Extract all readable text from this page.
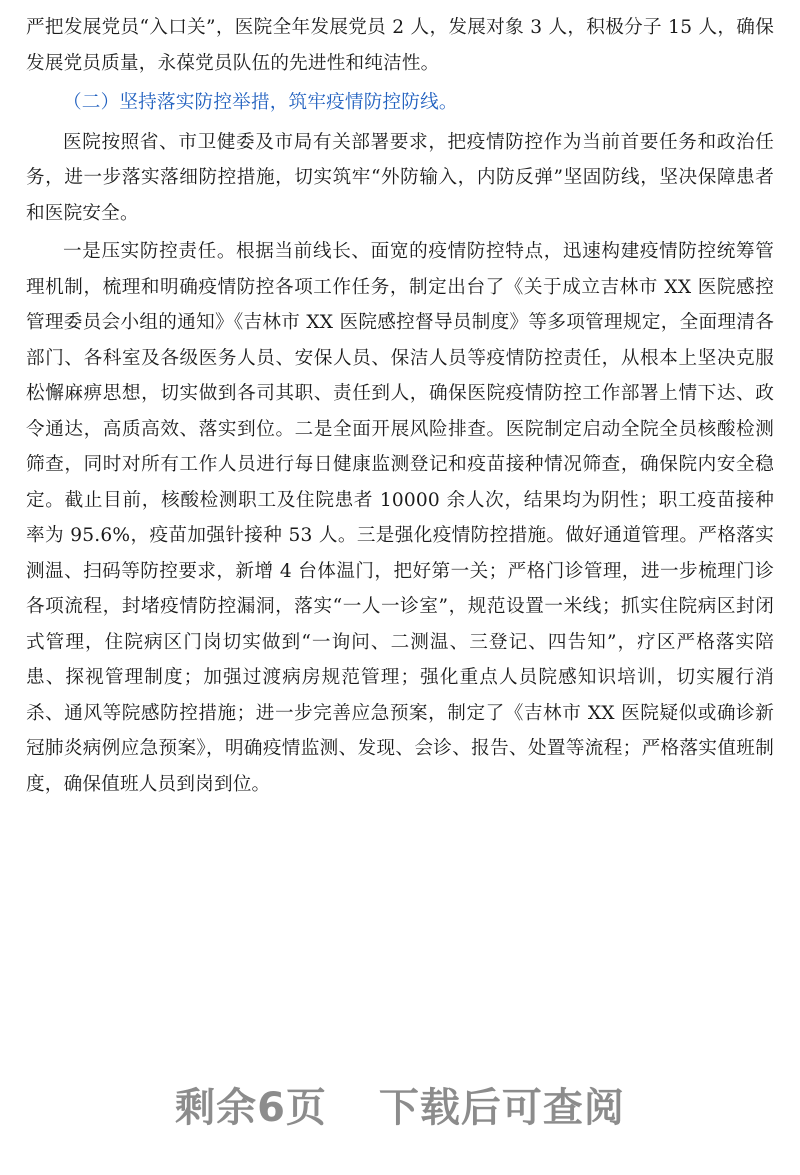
严把发展党员“入口关”，医院全年发展党员 2 人，发展对象 3 人，积极分子 15 人，确保发展党员质量，永葆党员队伍的先进性和纯洁性。

（二）坚持落实防控举措，筑牢疫情防控防线。

医院按照省、市卫健委及市局有关部署要求，把疫情防控作为当前首要任务和政治任务，进一步落实落细防控措施，切实筑牢“外防输入，内防反弹”坚固防线，坚决保障患者和医院安全。

一是压实防控责任。根据当前线长、面宽的疫情防控特点，迅速构建疫情防控统筹管理机制，梳理和明确疫情防控各项工作任务，制定出台了《关于成立吉林市 XX 医院感控管理委员会小组的通知》《吉林市 XX 医院感控督导员制度》等多项管理规定，全面理清各部门、各科室及各级医务人员、安保人员、保洁人员等疫情防控责任，从根本上坚决克服松懈麻痹思想，切实做到各司其职、责任到人，确保医院疫情防控工作部署上情下达、政令通达，高质高效、落实到位。二是全面开展风险排查。医院制定启动全院全员核酸检测筛查，同时对所有工作人员进行每日健康监测登记和疫苗接种情况筛查，确保院内安全稳定。截止目前，核酸检测职工及住院患者 10000 余人次，结果均为阴性；职工疫苗接种率为 95.6%，疫苗加强针接种 53 人。三是强化疫情防控措施。做好通道管理。严格落实测温、扫码等防控要求，新增 4 台体温门，把好第一关；严格门诊管理，进一步梳理门诊各项流程，封堵疫情防控漏洞，落实“一人一诊室”，规范设置一米线；抓实住院病区封闭式管理，住院病区门岗切实做到“一询问、二测温、三登记、四告知”，疗区严格落实陪患、探视管理制度；加强过渡病房规范管理；强化重点人员院感知识培训，切实履行消杀、通风等院感防控措施；进一步完善应急预案，制定了《吉林市 XX 医院疑似或确诊新冠肺炎病例应急预案》，明确疫情监测、发现、会诊、报告、处置等流程；严格落实值班制度，确保值班人员到岗到位。

剩余6页 下载后可查阅
